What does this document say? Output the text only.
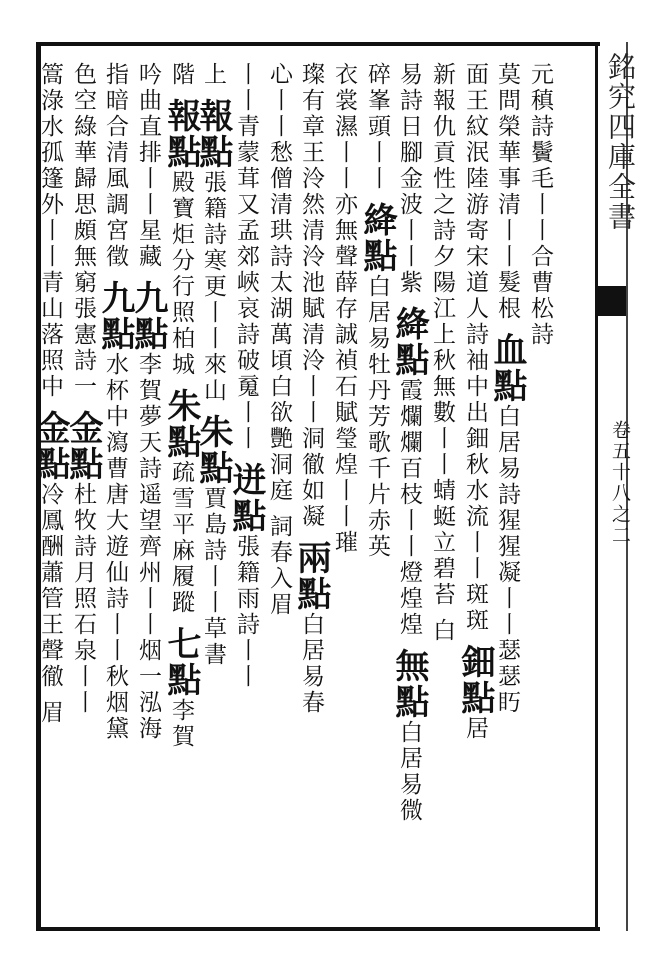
銘究四庫全書
卷五十八之二
元稹詩鬢毛丨丨合曹松詩
莫問榮華事清丨丨髮根血點白居易詩猩猩凝丨丨瑟瑟䀎
面王紋泯陸游寄宋道人詩袖中出鈿秋水流丨丨斑斑鈿點居
新報仇貢性之詩夕陽江上秋無數丨丨蜻蜓立碧苔白
易詩日腳金波丨丨紫絳點霞爛爛百枝丨丨燈煌煌無點白居易微
碎峯頭丨丨絳點白居易牡丹芳歌千片赤英
衣裳濕丨丨亦無聲薛存誠禎石賦瑩煌丨丨璀
璨有章王泠然清泠池賦清泠丨丨洞徹如凝兩點白居易春
心丨丨愁僧清珙詩太湖萬頃白欲艷洞庭詞春入眉
丨丨青蒙茸又孟郊峽哀詩破䰟丨丨迸點張籍雨詩丨丨
上報點張籍詩寒更丨丨來山朱點賈島詩丨丨草書
階報點殿寶炬分行照柏城朱點疏雪平麻履蹤七點李賀
吟曲直排丨丨星藏九點李賀夢天詩遥望齊州丨丨烟一泓海
指暗合清風調宮徵九點水杯中瀉曹唐大遊仙詩丨丨秋烟黛
色空綠華歸思頗無窮張憲詩一金點杜牧詩月照石泉丨丨
篙淥水孤篷外丨丨青山落照中金點冷鳳酬蕭管王聲徹眉
